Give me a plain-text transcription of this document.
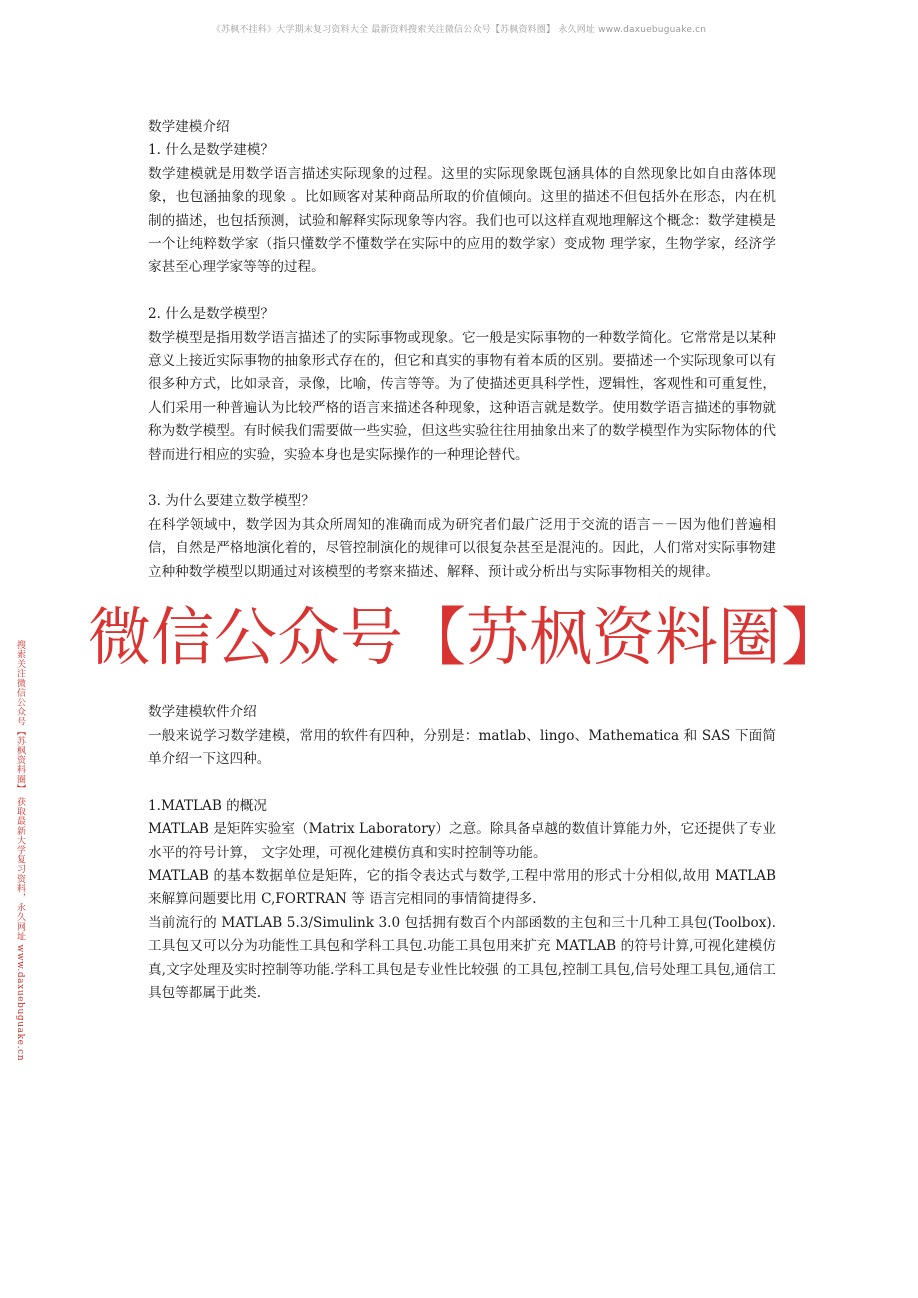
《苏枫不挂科》大学期末复习资料大全 最新资料搜索关注微信公众号【苏枫资料圈】 永久网址 www.daxuebuguake.cn
搜索关注微信公众号【苏枫资料圈】 获取最新大学复习资料，永久网址 www.daxuebuguake.cn

数学建模介绍

1. 什么是数学建模？

数学建模就是用数学语言描述实际现象的过程。这里的实际现象既包涵具体的自然现象比如自由落体现象，也包涵抽象的现象 。比如顾客对某种商品所取的价值倾向。这里的描述不但包括外在形态，内在机制的描述，也包括预测，试验和解释实际现象等内容。我们也可以这样直观地理解这个概念：数学建模是一个让纯粹数学家（指只懂数学不懂数学在实际中的应用的数学家）变成物 理学家，生物学家，经济学家甚至心理学家等等的过程。

2. 什么是数学模型？

数学模型是指用数学语言描述了的实际事物或现象。它一般是实际事物的一种数学简化。它常常是以某种意义上接近实际事物的抽象形式存在的，但它和真实的事物有着本质的区别。要描述一个实际现象可以有很多种方式，比如录音，录像，比喻，传言等等。为了使描述更具科学性，逻辑性，客观性和可重复性，人们采用一种普遍认为比较严格的语言来描述各种现象，这种语言就是数学。使用数学语言描述的事物就称为数学模型。有时候我们需要做一些实验，但这些实验往往用抽象出来了的数学模型作为实际物体的代替而进行相应的实验，实验本身也是实际操作的一种理论替代。

3. 为什么要建立数学模型？

在科学领域中，数学因为其众所周知的准确而成为研究者们最广泛用于交流的语言－－因为他们普遍相信，自然是严格地演化着的，尽管控制演化的规律可以很复杂甚至是混沌的。因此，人们常对实际事物建立种种数学模型以期通过对该模型的考察来描述、解释、预计或分析出与实际事物相关的规律。

数学建模软件介绍

一般来说学习数学建模，常用的软件有四种，分别是：matlab、lingo、Mathematica 和 SAS 下面简单介绍一下这四种。

1.MATLAB 的概况

MATLAB 是矩阵实验室（Matrix Laboratory）之意。除具备卓越的数值计算能力外，它还提供了专业水平的符号计算， 文字处理，可视化建模仿真和实时控制等功能。

MATLAB 的基本数据单位是矩阵，它的指令表达式与数学,工程中常用的形式十分相似,故用 MATLAB 来解算问题要比用 C,FORTRAN 等 语言完相同的事情简捷得多.

当前流行的 MATLAB 5.3/Simulink 3.0 包括拥有数百个内部函数的主包和三十几种工具包(Toolbox).工具包又可以分为功能性工具包和学科工具包.功能工具包用来扩充 MATLAB 的符号计算,可视化建模仿真,文字处理及实时控制等功能.学科工具包是专业性比较强 的工具包,控制工具包,信号处理工具包,通信工具包等都属于此类.

微信公众号【苏枫资料圈】
